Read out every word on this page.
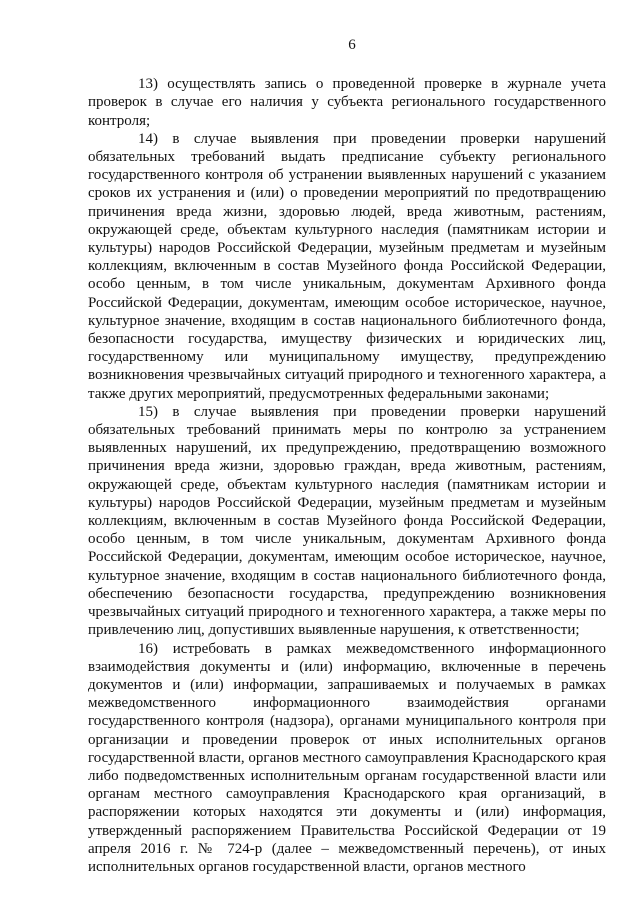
6

13) осуществлять запись о проведенной проверке в журнале учета проверок в случае его наличия у субъекта регионального государственного контроля;

14) в случае выявления при проведении проверки нарушений обязательных требований выдать предписание субъекту регионального государственного контроля об устранении выявленных нарушений с указанием сроков их устранения и (или) о проведении мероприятий по предотвращению причинения вреда жизни, здоровью людей, вреда животным, растениям, окружающей среде, объектам культурного наследия (памятникам истории и культуры) народов Российской Федерации, музейным предметам и музейным коллекциям, включенным в состав Музейного фонда Российской Федерации, особо ценным, в том числе уникальным, документам Архивного фонда Российской Федерации, документам, имеющим особое историческое, научное, культурное значение, входящим в состав национального библиотечного фонда, безопасности государства, имуществу физических и юридических лиц, государственному или муниципальному имуществу, предупреждению возникновения чрезвычайных ситуаций природного и техногенного характера, а также других мероприятий, предусмотренных федеральными законами;

15) в случае выявления при проведении проверки нарушений обязательных требований принимать меры по контролю за устранением выявленных нарушений, их предупреждению, предотвращению возможного причинения вреда жизни, здоровью граждан, вреда животным, растениям, окружающей среде, объектам культурного наследия (памятникам истории и культуры) народов Российской Федерации, музейным предметам и музейным коллекциям, включенным в состав Музейного фонда Российской Федерации, особо ценным, в том числе уникальным, документам Архивного фонда Российской Федерации, документам, имеющим особое историческое, научное, культурное значение, входящим в состав национального библиотечного фонда, обеспечению безопасности государства, предупреждению возникновения чрезвычайных ситуаций природного и техногенного характера, а также меры по привлечению лиц, допустивших выявленные нарушения, к ответственности;

16) истребовать в рамках межведомственного информационного взаимодействия документы и (или) информацию, включенные в перечень документов и (или) информации, запрашиваемых и получаемых в рамках межведомственного информационного взаимодействия органами государственного контроля (надзора), органами муниципального контроля при организации и проведении проверок от иных исполнительных органов государственной власти, органов местного самоуправления Краснодарского края либо подведомственных исполнительным органам государственной власти или органам местного самоуправления Краснодарского края организаций, в распоряжении которых находятся эти документы и (или) информация, утвержденный распоряжением Правительства Российской Федерации от 19 апреля 2016 г. № 724-р (далее – межведомственный перечень), от иных исполнительных органов государственной власти, органов местного
